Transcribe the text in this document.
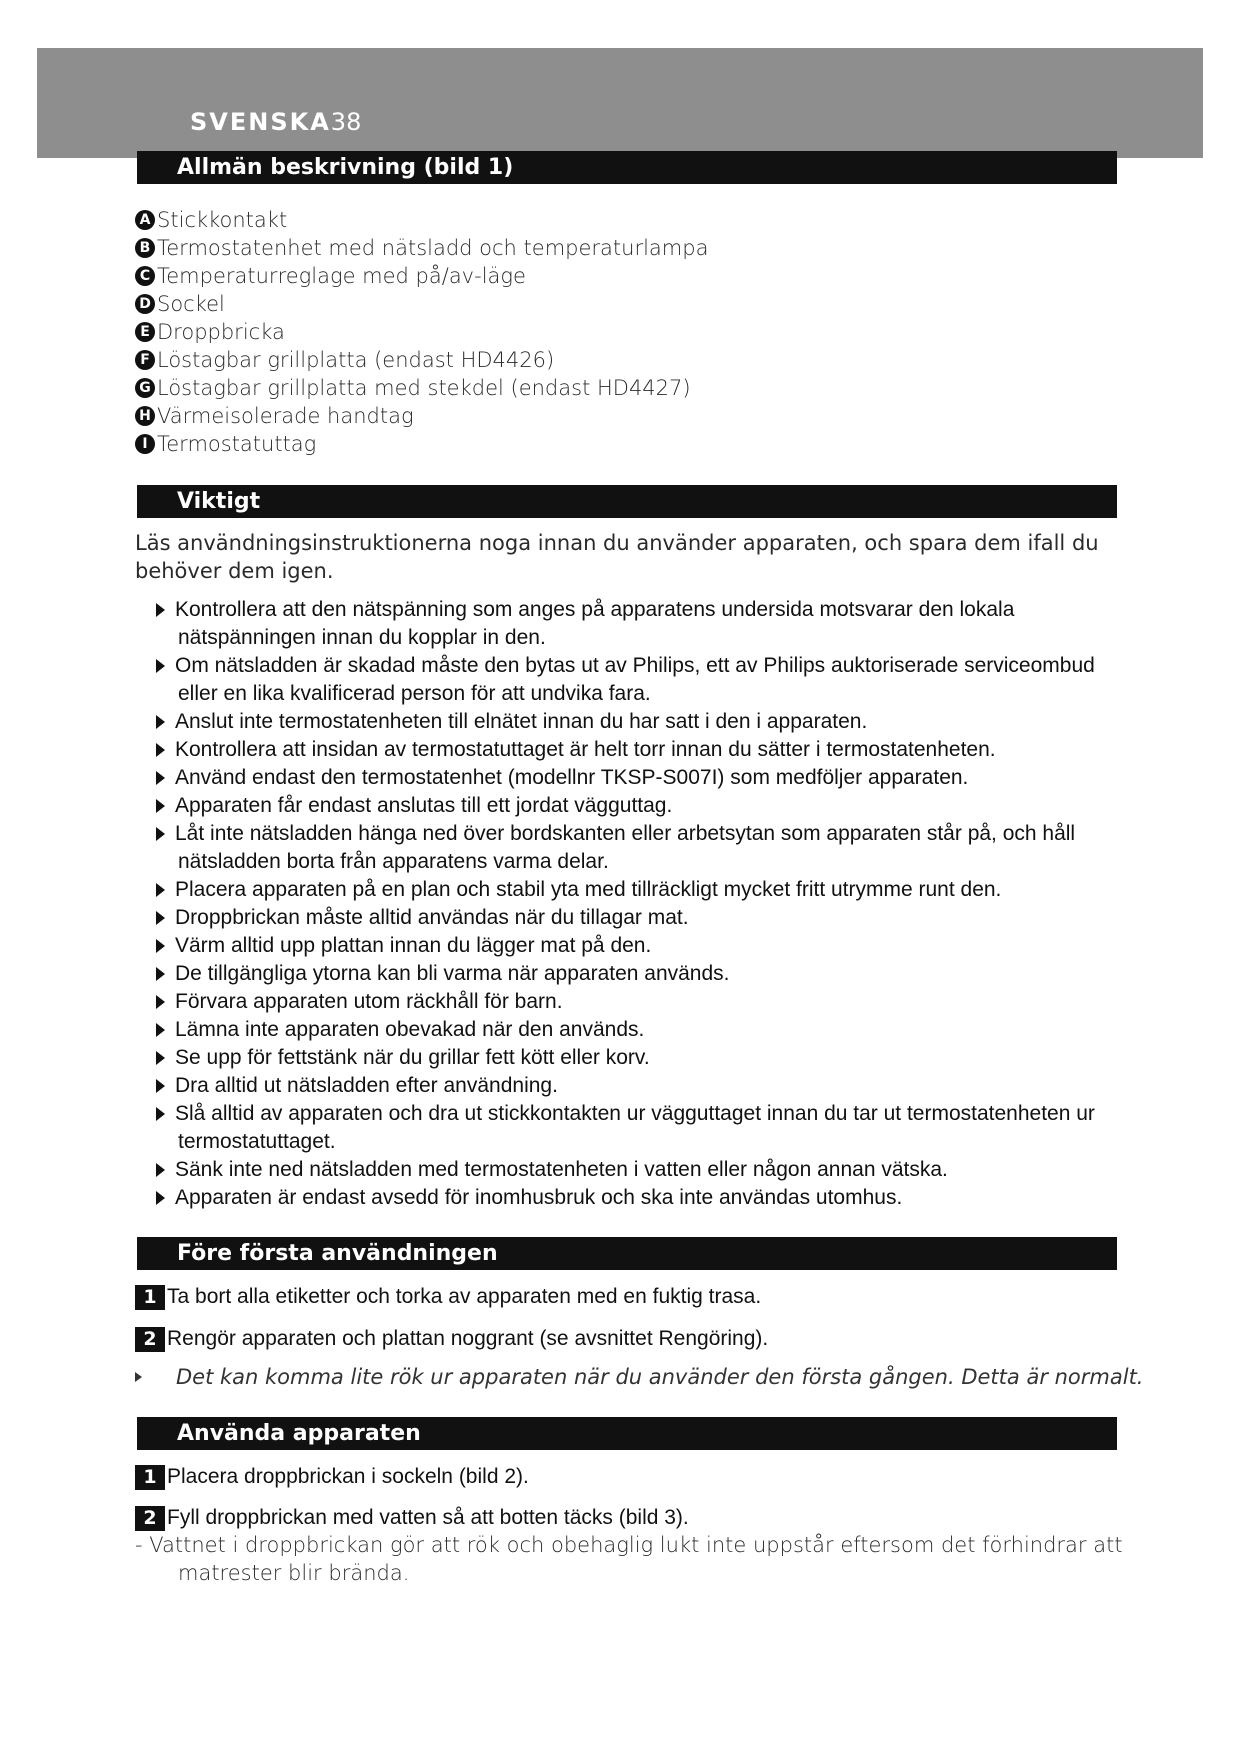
SVENSKA38
Allmän beskrivning (bild 1)
A Stickkontakt
B Termostatenhet med nätsladd och temperaturlampa
C Temperaturreglage med på/av-läge
D Sockel
E Droppbricka
F Löstagbar grillplatta (endast HD4426)
G Löstagbar grillplatta med stekdel (endast HD4427)
H Värmeisolerade handtag
I Termostatuttag
Viktigt
Läs användningsinstruktionerna noga innan du använder apparaten, och spara dem ifall du behöver dem igen.
Kontrollera att den nätspänning som anges på apparatens undersida motsvarar den lokala nätspänningen innan du kopplar in den.
Om nätsladden är skadad måste den bytas ut av Philips, ett av Philips auktoriserade serviceombud eller en lika kvalificerad person för att undvika fara.
Anslut inte termostatenheten till elnätet innan du har satt i den i apparaten.
Kontrollera att insidan av termostatuttaget är helt torr innan du sätter i termostatenheten.
Använd endast den termostatenhet (modellnr TKSP-S007I) som medföljer apparaten.
Apparaten får endast anslutas till ett jordat vägguttag.
Låt inte nätsladden hänga ned över bordskanten eller arbetsytan som apparaten står på, och håll nätsladden borta från apparatens varma delar.
Placera apparaten på en plan och stabil yta med tillräckligt mycket fritt utrymme runt den.
Droppbrickan måste alltid användas när du tillagar mat.
Värm alltid upp plattan innan du lägger mat på den.
De tillgängliga ytorna kan bli varma när apparaten används.
Förvara apparaten utom räckhåll för barn.
Lämna inte apparaten obevakad när den används.
Se upp för fettstänk när du grillar fett kött eller korv.
Dra alltid ut nätsladden efter användning.
Slå alltid av apparaten och dra ut stickkontakten ur vägguttaget innan du tar ut termostatenheten ur termostatuttaget.
Sänk inte ned nätsladden med termostatenheten i vatten eller någon annan vätska.
Apparaten är endast avsedd för inomhusbruk och ska inte användas utomhus.
Före första användningen
1 Ta bort alla etiketter och torka av apparaten med en fuktig trasa.
2 Rengör apparaten och plattan noggrant (se avsnittet Rengöring).
Det kan komma lite rök ur apparaten när du använder den första gången. Detta är normalt.
Använda apparaten
1 Placera droppbrickan i sockeln (bild 2).
2 Fyll droppbrickan med vatten så att botten täcks (bild 3).
- Vattnet i droppbrickan gör att rök och obehaglig lukt inte uppstår eftersom det förhindrar att matrester blir brända.
